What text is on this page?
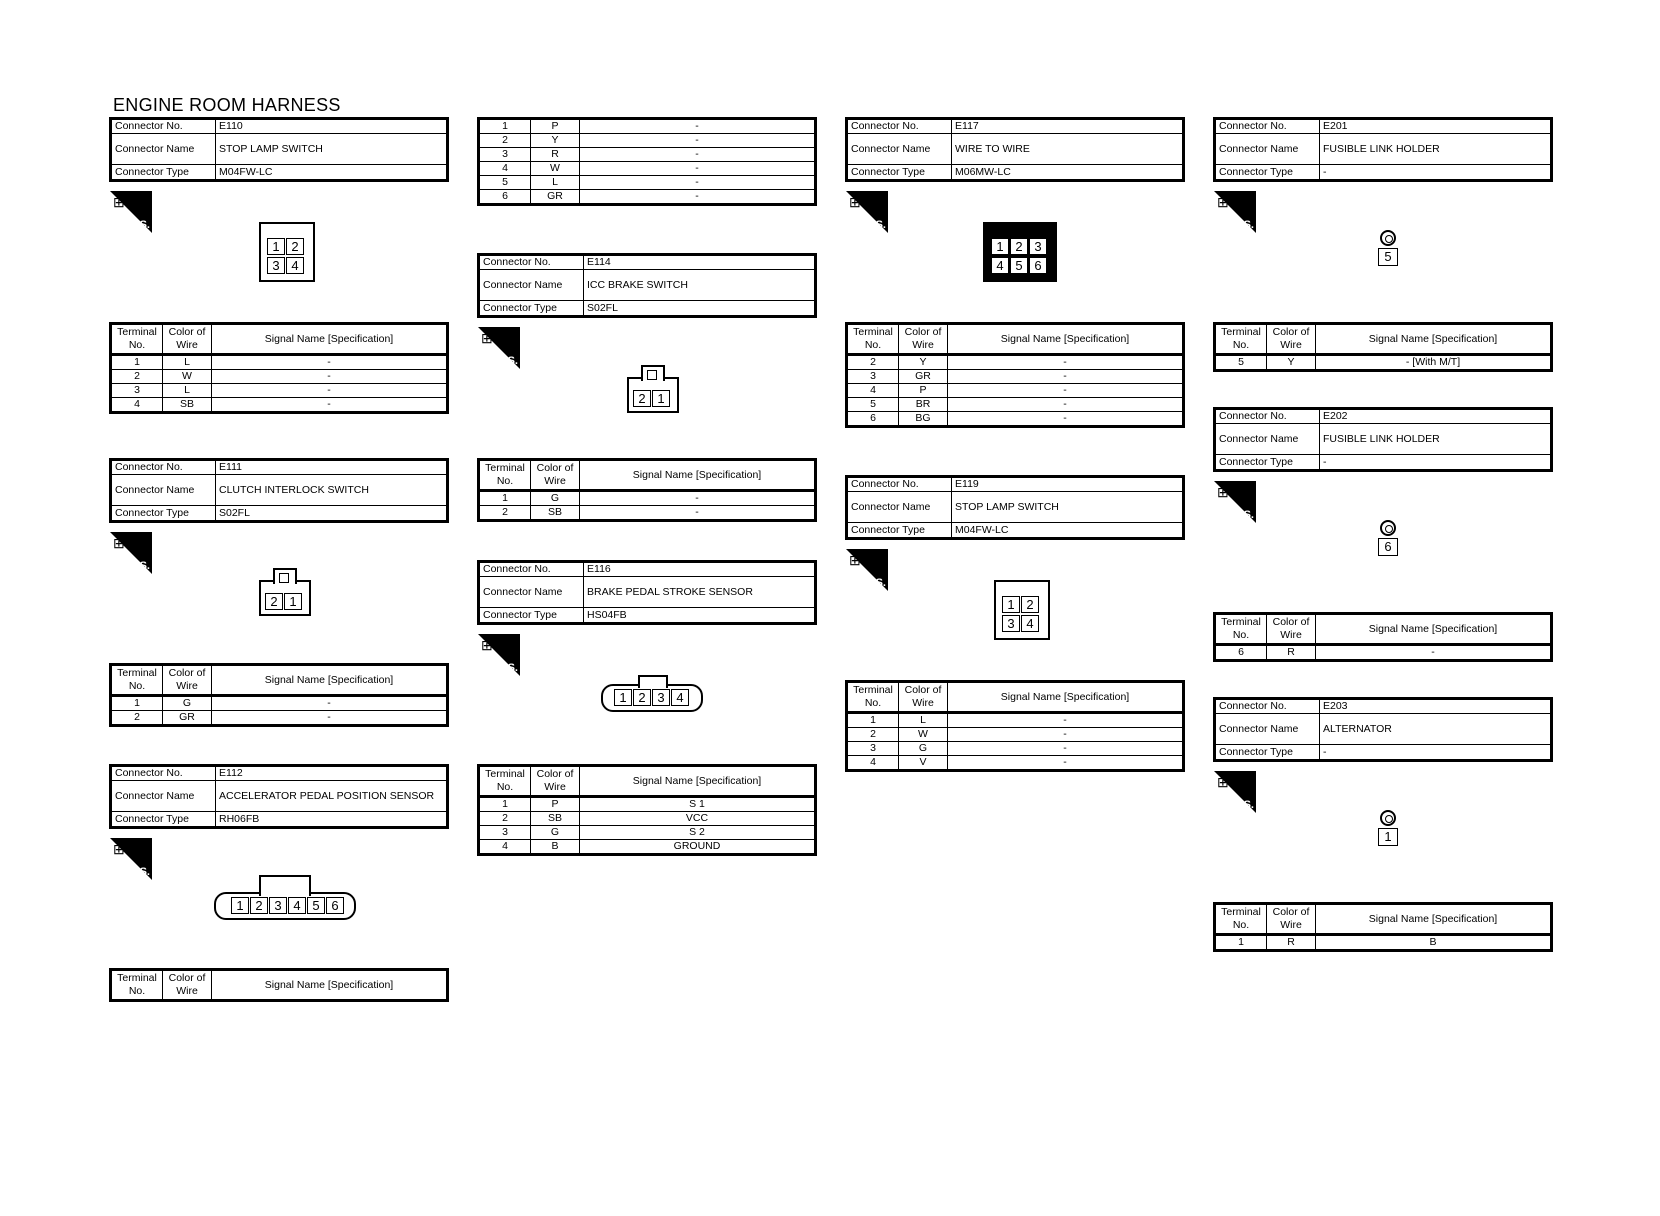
ENGINE ROOM HARNESS
Connector No.	E110
Connector Name	STOP LAMP SWITCH
Connector Type	M04FW-LC
⊞
H.S.
1 2
3 4
Terminal No.	Color of Wire	Signal Name [Specification]
1	L	-
2	W	-
3	L	-
4	SB	-
Connector No.	E111
Connector Name	CLUTCH INTERLOCK SWITCH
Connector Type	S02FL
⊞
H.S.
2 1
Terminal No.	Color of Wire	Signal Name [Specification]
1	G	-
2	GR	-
Connector No.	E112
Connector Name	ACCELERATOR PEDAL POSITION SENSOR
Connector Type	RH06FB
⊞
H.S.
1 2 3 4 5 6
Terminal No.	Color of Wire	Signal Name [Specification]
1	P	-
2	Y	-
3	R	-
4	W	-
5	L	-
6	GR	-
Connector No.	E114
Connector Name	ICC BRAKE SWITCH
Connector Type	S02FL
⊞
H.S.
2 1
Terminal No.	Color of Wire	Signal Name [Specification]
1	G	-
2	SB	-
Connector No.	E116
Connector Name	BRAKE PEDAL STROKE SENSOR
Connector Type	HS04FB
⊞
H.S.
1 2 3 4
Terminal No.	Color of Wire	Signal Name [Specification]
1	P	S 1
2	SB	VCC
3	G	S 2
4	B	GROUND
Connector No.	E117
Connector Name	WIRE TO WIRE
Connector Type	M06MW-LC
⊞
H.S.
1 2 3
4 5 6
Terminal No.	Color of Wire	Signal Name [Specification]
2	Y	-
3	GR	-
4	P	-
5	BR	-
6	BG	-
Connector No.	E119
Connector Name	STOP LAMP SWITCH
Connector Type	M04FW-LC
⊞
H.S.
1 2
3 4
Terminal No.	Color of Wire	Signal Name [Specification]
1	L	-
2	W	-
3	G	-
4	V	-
Connector No.	E201
Connector Name	FUSIBLE LINK HOLDER
Connector Type	-
⊞
H.S.
5
Terminal No.	Color of Wire	Signal Name [Specification]
5	Y	- [With M/T]
Connector No.	E202
Connector Name	FUSIBLE LINK HOLDER
Connector Type	-
⊞
H.S.
6
Terminal No.	Color of Wire	Signal Name [Specification]
6	R	-
Connector No.	E203
Connector Name	ALTERNATOR
Connector Type	-
⊞
H.S.
1
Terminal No.	Color of Wire	Signal Name [Specification]
1	R	B
